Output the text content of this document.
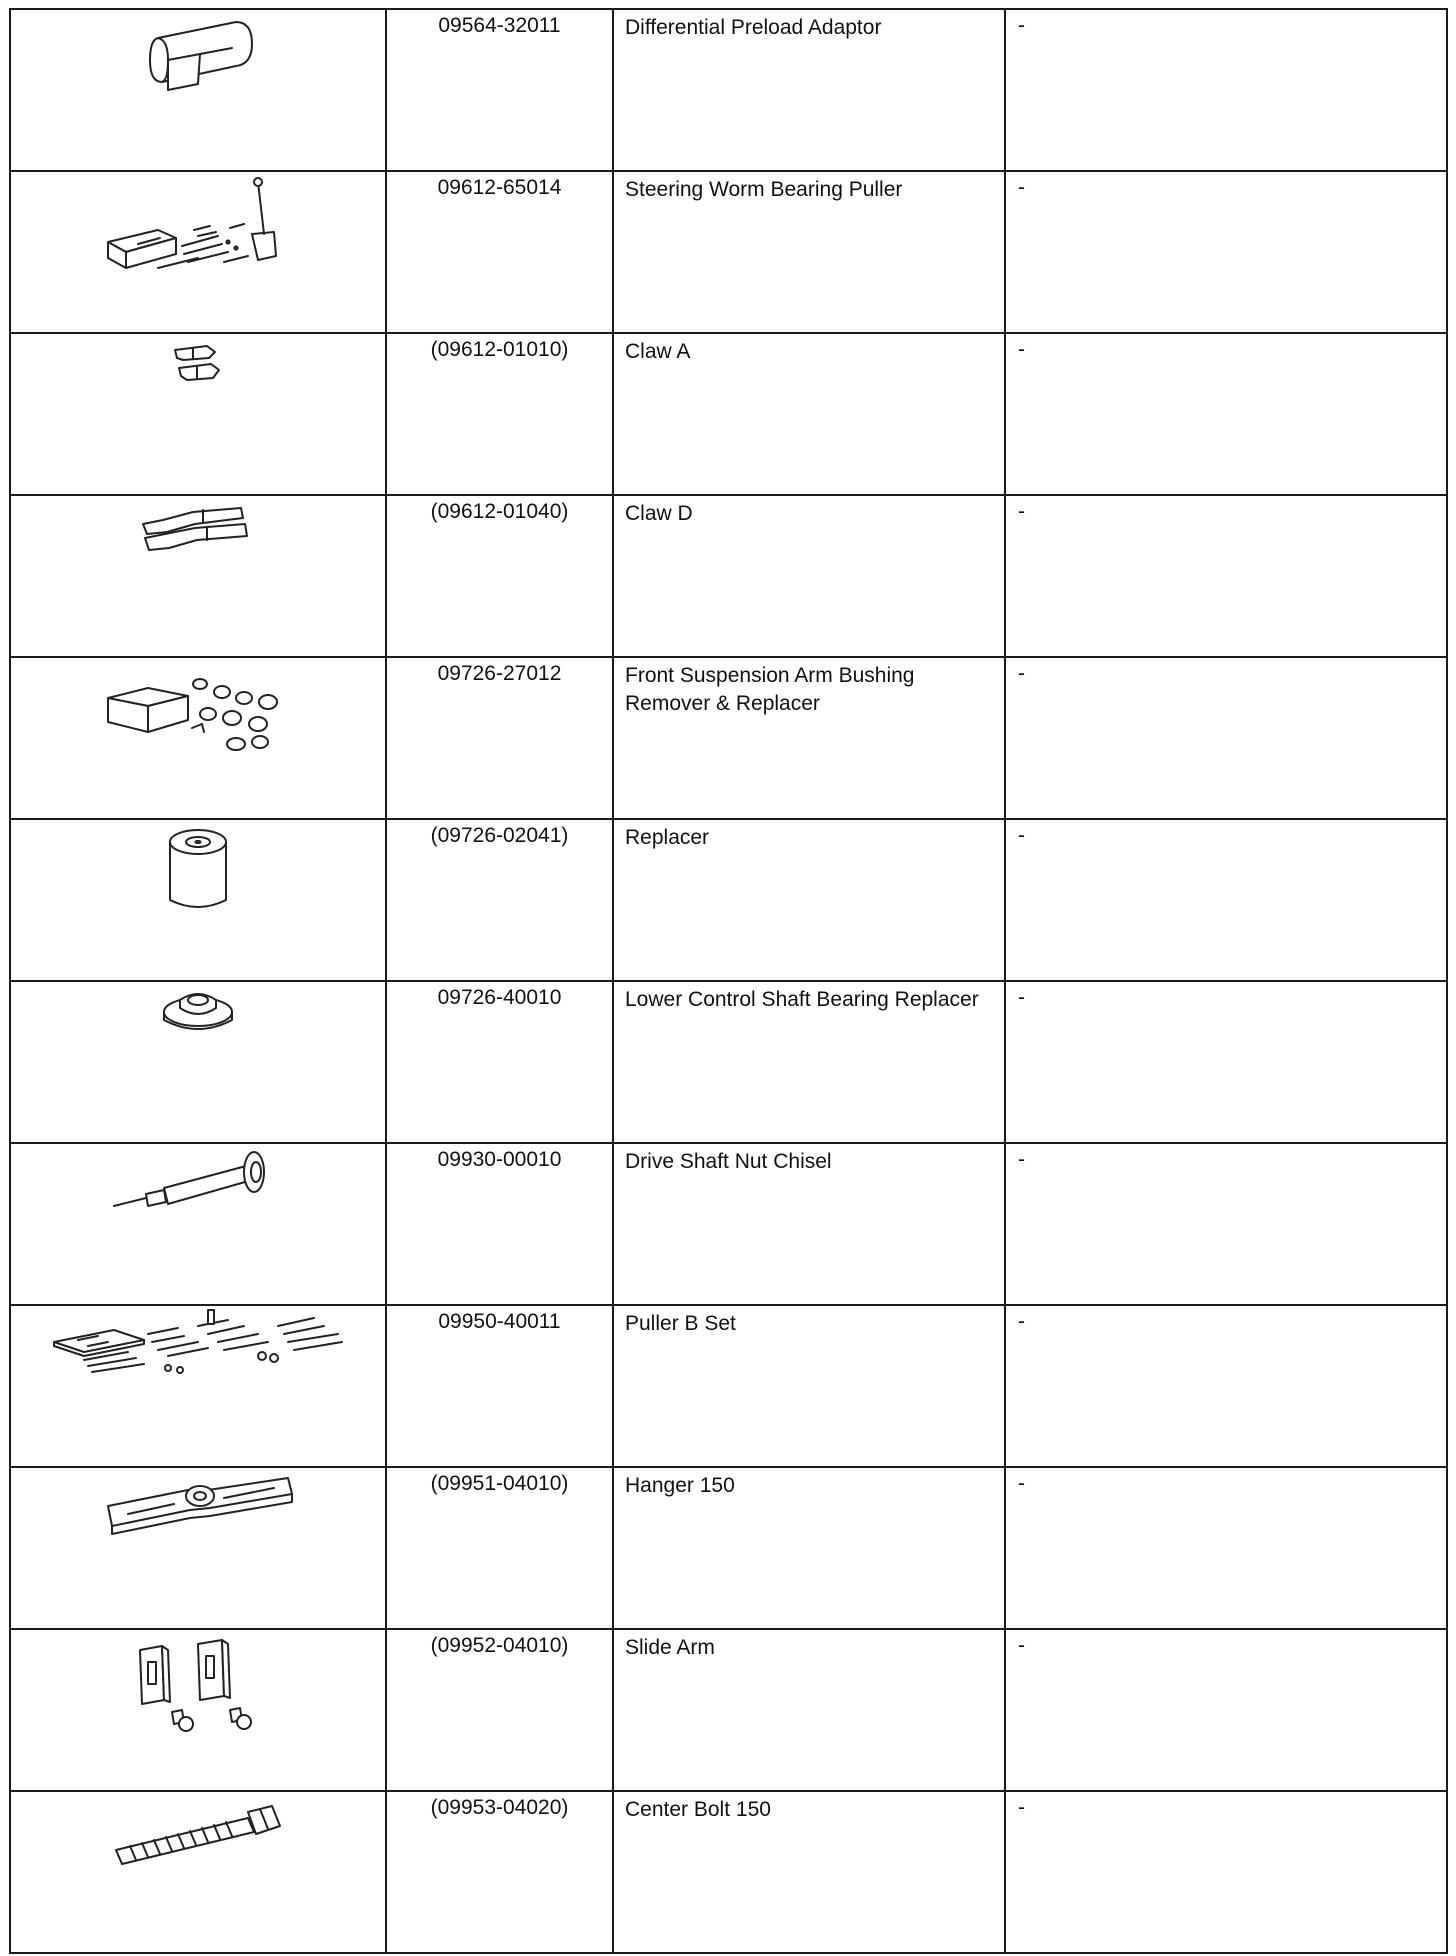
	09564-32011	Differential Preload Adaptor	-

	09612-65014	Steering Worm Bearing Puller	-

	(09612-01010)	Claw A	-

	(09612-01040)	Claw D	-

	09726-27012	Front Suspension Arm Bushing Remover & Replacer	-

	(09726-02041)	Replacer	-

	09726-40010	Lower Control Shaft Bearing Replacer	-

	09930-00010	Drive Shaft Nut Chisel	-

	09950-40011	Puller B Set	-

	(09951-04010)	Hanger 150	-

	(09952-04010)	Slide Arm	-

	(09953-04020)	Center Bolt 150	-
